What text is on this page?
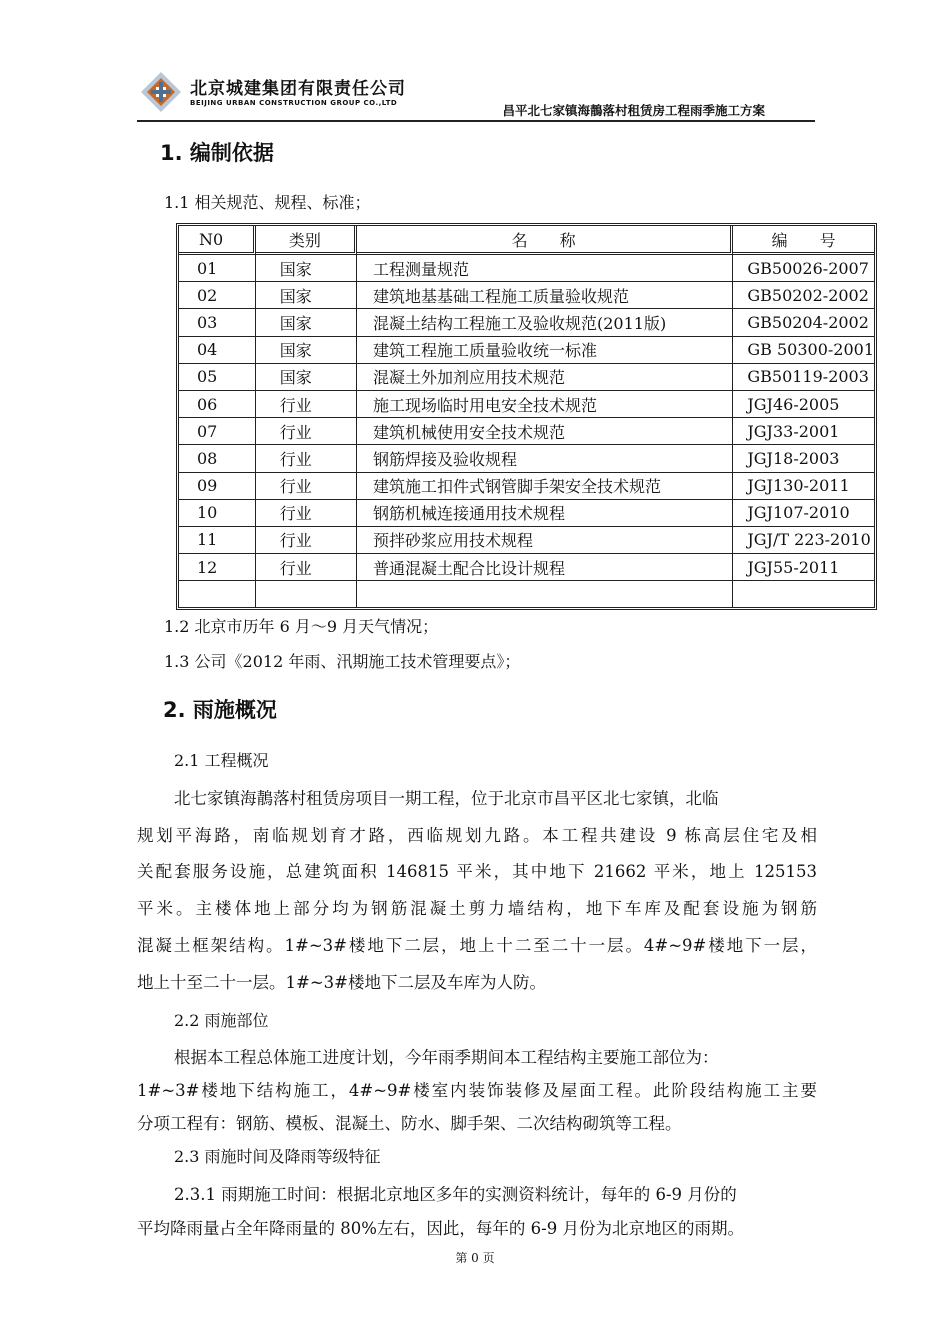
北京城建集团有限责任公司
BEIJING URBAN CONSTRUCTION GROUP CO.,LTD	昌平北七家镇海鶄落村租赁房工程雨季施工方案
1. 编制依据
1.1 相关规范、规程、标准；
N0	类别	名　　称	编　　号
01	国家	工程测量规范	GB50026-2007
02	国家	建筑地基基础工程施工质量验收规范	GB50202-2002
03	国家	混凝土结构工程施工及验收规范(2011版)	GB50204-2002
04	国家	建筑工程施工质量验收统一标准	GB 50300-2001
05	国家	混凝土外加剂应用技术规范	GB50119-2003
06	行业	施工现场临时用电安全技术规范	JGJ46-2005
07	行业	建筑机械使用安全技术规范	JGJ33-2001
08	行业	钢筋焊接及验收规程	JGJ18-2003
09	行业	建筑施工扣件式钢管脚手架安全技术规范	JGJ130-2011
10	行业	钢筋机械连接通用技术规程	JGJ107-2010
11	行业	预拌砂浆应用技术规程	JGJ/T 223-2010
12	行业	普通混凝土配合比设计规程	JGJ55-2011

1.2 北京市历年 6 月～9 月天气情况；
1.3 公司《2012 年雨、汛期施工技术管理要点》；
2. 雨施概况
2.1 工程概况
北七家镇海鶄落村租赁房项目一期工程，位于北京市昌平区北七家镇，北临
规划平海路，南临规划育才路，西临规划九路。本工程共建设 9 栋高层住宅及相
关配套服务设施，总建筑面积 146815 平米，其中地下 21662 平米，地上 125153
平米。主楼体地上部分均为钢筋混凝土剪力墙结构，地下车库及配套设施为钢筋
混凝土框架结构。1#~3#楼地下二层，地上十二至二十一层。4#~9#楼地下一层，
地上十至二十一层。1#~3#楼地下二层及车库为人防。
2.2 雨施部位
根据本工程总体施工进度计划，今年雨季期间本工程结构主要施工部位为：
1#~3#楼地下结构施工，4#~9#楼室内装饰装修及屋面工程。此阶段结构施工主要
分项工程有：钢筋、模板、混凝土、防水、脚手架、二次结构砌筑等工程。
2.3 雨施时间及降雨等级特征
2.3.1 雨期施工时间：根据北京地区多年的实测资料统计，每年的 6-9 月份的
平均降雨量占全年降雨量的 80%左右，因此，每年的 6-9 月份为北京地区的雨期。
第 0 页
